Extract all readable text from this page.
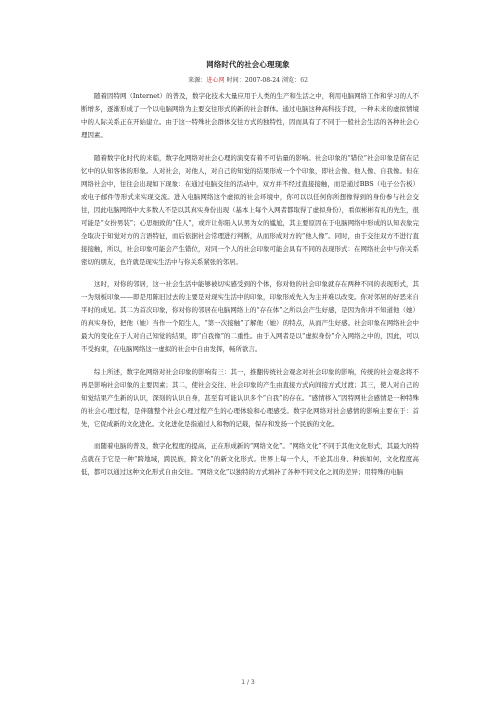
网络时代的社会心理现象
来源：进心网 时间：2007-08-24 浏览：62

随着因特网（Internet）的普及，数字化技术大量应用于人类的生产和生活之中，利用电脑网络工作和学习的人不断增多，逐渐形成了一个以电脑网络为主要交往形式的新的社会群体。通过电脑这种高科技手段，一种未来的虚拟情境中的人际关系正在开始建立。由于这一特殊社会群体交往方式的独特性，因而具有了不同于一般社会生活的各种社会心理因素。

随着数字化时代的来临，数字化网络对社会心理的演变有着不可估量的影响。社会印象的“错位”社会印象是留在记忆中的认知客体的形象。人对社会，对他人，对自己的知觉的结果形成一个个印象，即社会像、他人像、自我像。但在网络社会中，往往会出现如下现象：在通过电脑交往的活动中，双方并不经过直接接触，而是通过BBS（电子公告板）或电子邮件等形式来实现交流。进入电脑网络这个虚拟的社会环境中，你可以以任何你所想像得到的身份参与社会交往，因此电脑网络中大多数人不是以其真实身份出现（基本上每个入网者都取得了虚拟身份），看似彬彬有礼的先生，很可能是“女扮男装”；心思细致的“佳人”，或许让你陷入认男为女的尴尬，其主要原因在于电脑网络中形成的认知表象完全取决于知觉对方的言语特征，而后依据社会常理进行判断，从而形成对方的“他人像”。同时，由于交往双方不进行直接接触，所以，社会印象可能会产生错位，对同一个人的社会印象可能会具有不同的表现形式：在网络社会中与你关系密切的朋友，也许就是现实生活中与你关系紧张的邻居。

这时，对你的邻居，这一社会生活中能够被切实感受到的个体，你对他的社会印象就存在两种不同的表现形式，其一为刻板印象——即是用陈旧过去的主要是对现实生活中的印象，印象形成先入为主并难以改变。你对邻居的好恶来自平时的成见。其二为首次印象，你对你的邻居在电脑网络上的“存在体”之所以会产生好感，是因为你并不知道他（她）的真实身份，把他（她）当作一个陌生人，“第一次接触”了解他（她）的特点，从而产生好感。社会印象在网络社会中最大的变化在于人对自己知觉的结果，即“自我像”的二重性。由于入网者是以“虚拟身份”介入网络之中的，因此，可以不受拘束，在电脑网络这一虚拟的社会中自由发挥，畅所欲言。

综上所述，数字化网络对社会印象的影响有三：其一，推翻传统社会观念对社会印象的影响，传统的社会观念将不再是影响社会印象的主要因素；其二，使社会交往、社会印象的产生由直接方式向间接方式过渡；其三，使人对自己的知觉结果产生新的认识，深刻的认识自身，甚至有可能认识多个“自我”的存在。“感情移入”因特网社会感情是一种特殊的社会心理过程，是伴随整个社会心理过程产生的心理体验和心理感受。数字化网络对社会感情的影响主要在于：首先，它促成新的文化进化。文化进化是指通过人和物的记载，保存和发扬一个民族的文化。

而随着电脑的普及，数字化程度的提高，正在形成新的“网络文化”。“网络文化”不同于其他文化形式，其最大的特点就在于它是一种“跨地域，跨民族，跨文化”的新文化形式。世界上每一个人，不论其出身、种族如何，文化程度高低，都可以通过这种文化形式自由交往。“网络文化”以独特的方式填补了各种不同文化之间的差异；用特殊的电脑

1 / 3
